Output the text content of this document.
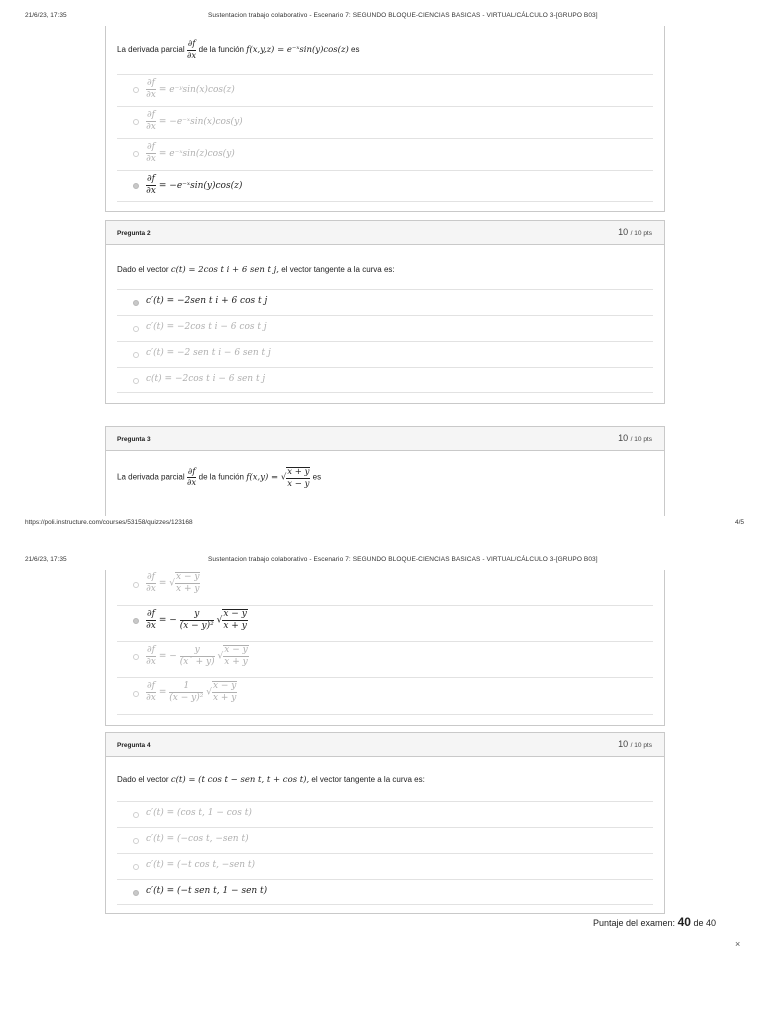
21/6/23, 17:35	Sustentacion trabajo colaborativo - Escenario 7: SEGUNDO BLOQUE-CIENCIAS BASICAS - VIRTUAL/CÁLCULO 3-[GRUPO B03]
La derivada parcial $\frac{\partial f}{\partial x}$ de la función f(x,y,z) = e⁻ˣsin(y)cos(z) es
$\frac{\partial f}{\partial x}$ = e⁻ʸsin(x)cos(z)
$\frac{\partial f}{\partial x}$ = −e⁻ˣsin(x)cos(y)
$\frac{\partial f}{\partial x}$ = e⁻ˣsin(z)cos(y)
$\frac{\partial f}{\partial x}$ = −e⁻ˣsin(y)cos(z)
Pregunta 2	10 / 10 pts
Dado el vector c(t) = 2cos t i + 6 sen t j, el vector tangente a la curva es:
c′(t) = −2sen t i + 6 cos t j
c′(t) = −2cos t i − 6 cos t j
c′(t) = −2 sen t i − 6 sen t j
c(t) = −2cos t i − 6 sen t j
Pregunta 3	10 / 10 pts
La derivada parcial $\frac{\partial f}{\partial x}$ de la función f(x,y) = √ $\frac{x + y}{x - y}$ es
https://poli.instructure.com/courses/53158/quizzes/123168	4/5
21/6/23, 17:35	Sustentacion trabajo colaborativo - Escenario 7: SEGUNDO BLOQUE-CIENCIAS BASICAS - VIRTUAL/CÁLCULO 3-[GRUPO B03]
$\frac{\partial f}{\partial x}$ = √ $\frac{x - y}{x + y}$
$\frac{\partial f}{\partial x}$ = − $\frac{y}{\text{(x − y)²}}$ √ $\frac{x - y}{x + y}$
$\frac{\partial f}{\partial x}$ = − $\frac{y}{(x` + y)}$ √ $\frac{x - y}{x + y}$
$\frac{\partial f}{\partial x} = \frac{1}{\text{(x − y)²}}$ √ $\frac{x - y}{x + y}$
Pregunta 4	10 / 10 pts
Dado el vector c(t) = (t cos t − sen t, t + cos t), el vector tangente a la curva es:
c′(t) = (cos t, 1 − cos t)
c′(t) = (−cos t, −sen t)
c′(t) = (−t cos t, −sen t)
c′(t) = (−t sen t, 1 − sen t)
Puntaje del examen: 40 de 40
×
